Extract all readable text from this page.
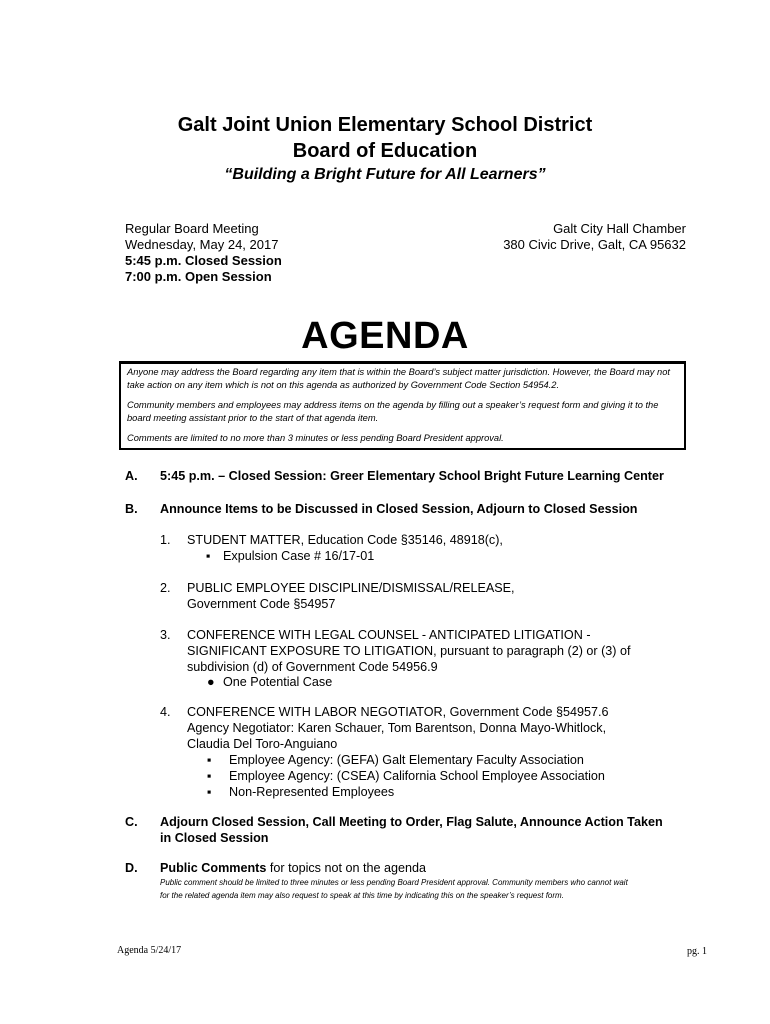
Galt Joint Union Elementary School District
Board of Education
“Building a Bright Future for All Learners”
Regular Board Meeting
Wednesday, May 24, 2017
5:45 p.m. Closed Session
7:00 p.m. Open Session
Galt City Hall Chamber
380 Civic Drive, Galt, CA 95632
AGENDA

Anyone may address the Board regarding any item that is within the Board’s subject matter jurisdiction. However, the Board may not take action on any item which is not on this agenda as authorized by Government Code Section 54954.2.

Community members and employees may address items on the agenda by filling out a speaker’s request form and giving it to the board meeting assistant prior to the start of that agenda item.

Comments are limited to no more than 3 minutes or less pending Board President approval.

A. 5:45 p.m. – Closed Session: Greer Elementary School Bright Future Learning Center
B. Announce Items to be Discussed in Closed Session, Adjourn to Closed Session
1. STUDENT MATTER, Education Code §35146, 48918(c),
▪ Expulsion Case # 16/17-01
2. PUBLIC EMPLOYEE DISCIPLINE/DISMISSAL/RELEASE,
Government Code §54957
3. CONFERENCE WITH LEGAL COUNSEL - ANTICIPATED LITIGATION -
SIGNIFICANT EXPOSURE TO LITIGATION, pursuant to paragraph (2) or (3) of
subdivision (d) of Government Code 54956.9
● One Potential Case
4. CONFERENCE WITH LABOR NEGOTIATOR, Government Code §54957.6
Agency Negotiator: Karen Schauer, Tom Barentson, Donna Mayo-Whitlock,
Claudia Del Toro-Anguiano
▪ Employee Agency: (GEFA) Galt Elementary Faculty Association
▪ Employee Agency: (CSEA) California School Employee Association
▪ Non-Represented Employees
C. Adjourn Closed Session, Call Meeting to Order, Flag Salute, Announce Action Taken
in Closed Session
D. Public Comments for topics not on the agenda
Public comment should be limited to three minutes or less pending Board President approval. Community members who cannot wait
for the related agenda item may also request to speak at this time by indicating this on the speaker’s request form.
Agenda 5/24/17	pg. 1
